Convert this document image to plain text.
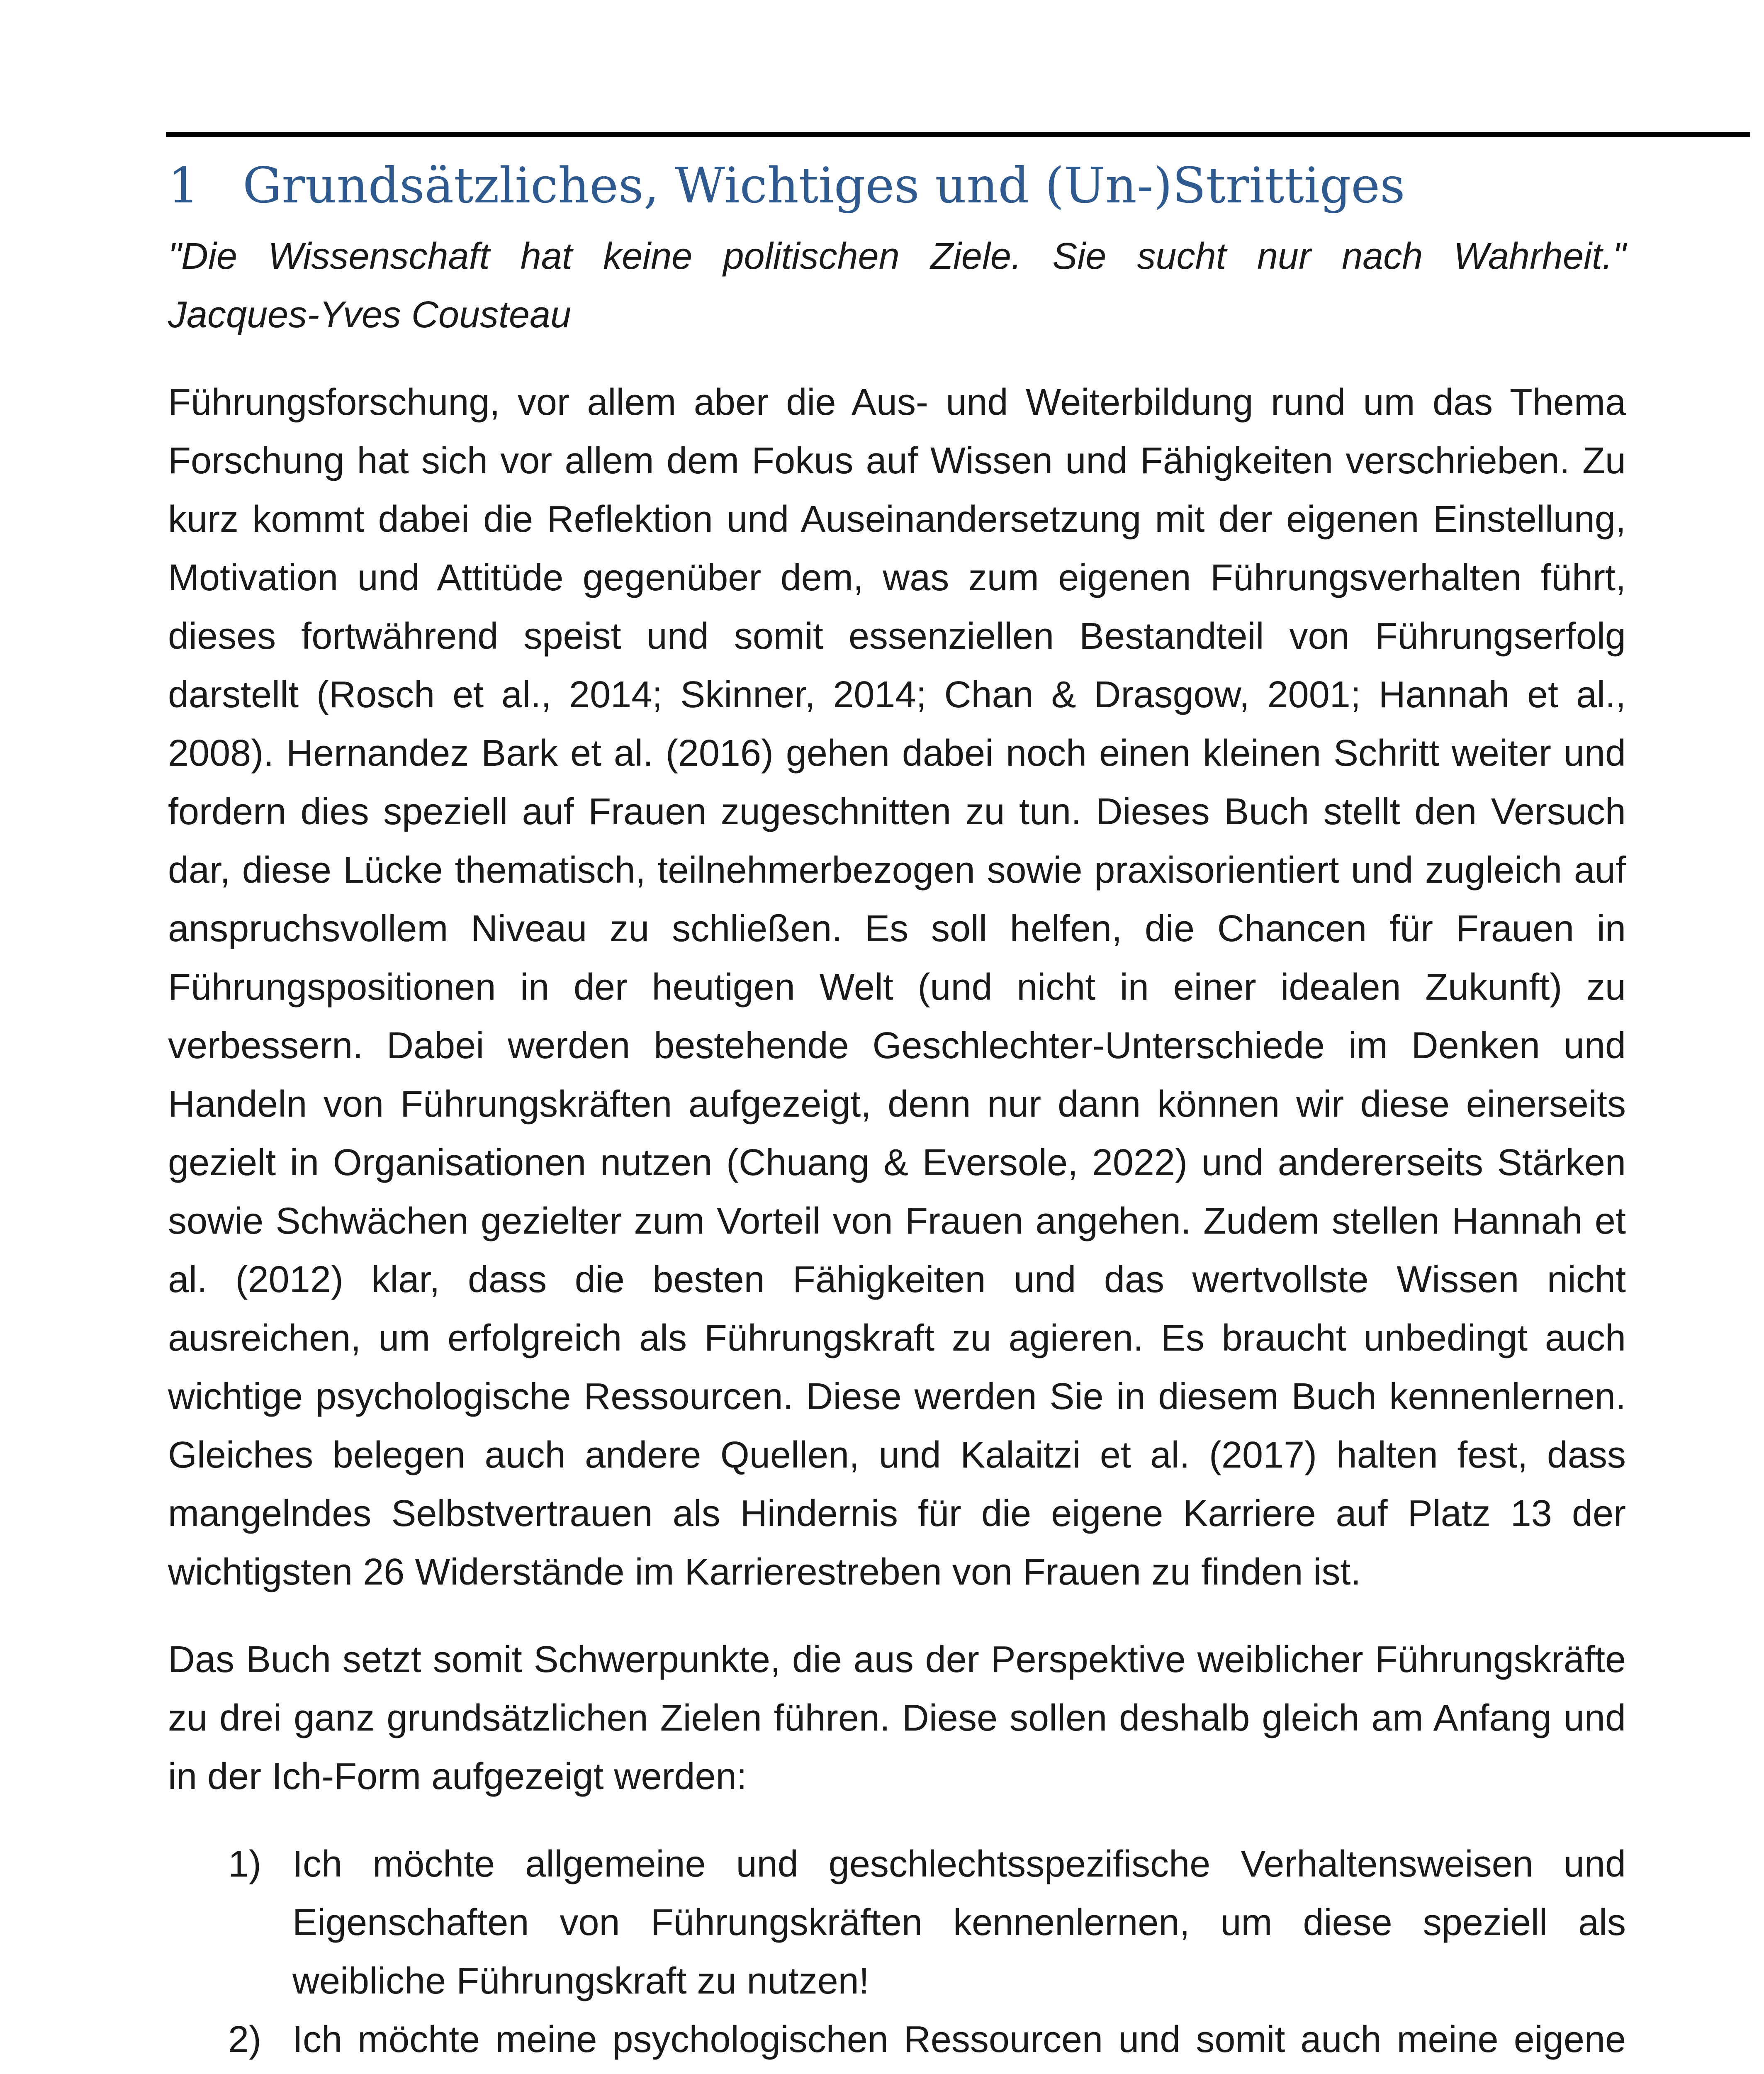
1 Grundsätzliches, Wichtiges und (Un-)Strittiges

"Die Wissenschaft hat keine politischen Ziele. Sie sucht nur nach Wahrheit."

Jacques-Yves Cousteau

Führungsforschung, vor allem aber die Aus- und Weiterbildung rund um das Thema Forschung hat sich vor allem dem Fokus auf Wissen und Fähigkeiten verschrieben. Zu kurz kommt dabei die Reflektion und Auseinandersetzung mit der eigenen Einstellung, Motivation und Attitüde gegenüber dem, was zum eigenen Führungsverhalten führt, dieses fortwährend speist und somit essenziellen Bestandteil von Führungserfolg darstellt (Rosch et al., 2014; Skinner, 2014; Chan & Drasgow, 2001; Hannah et al., 2008). Hernandez Bark et al. (2016) gehen dabei noch einen kleinen Schritt weiter und fordern dies speziell auf Frauen zugeschnitten zu tun. Dieses Buch stellt den Versuch dar, diese Lücke thematisch, teilnehmerbezogen sowie praxisorientiert und zugleich auf anspruchsvollem Niveau zu schließen. Es soll helfen, die Chancen für Frauen in Führungspositionen in der heutigen Welt (und nicht in einer idealen Zukunft) zu verbessern. Dabei werden bestehende Geschlechter-Unterschiede im Denken und Handeln von Führungskräften aufgezeigt, denn nur dann können wir diese einerseits gezielt in Organisationen nutzen (Chuang & Eversole, 2022) und andererseits Stärken sowie Schwächen gezielter zum Vorteil von Frauen angehen. Zudem stellen Hannah et al. (2012) klar, dass die besten Fähigkeiten und das wertvollste Wissen nicht ausreichen, um erfolgreich als Führungskraft zu agieren. Es braucht unbedingt auch wichtige psychologische Ressourcen. Diese werden Sie in diesem Buch kennenlernen. Gleiches belegen auch andere Quellen, und Kalaitzi et al. (2017) halten fest, dass mangelndes Selbstvertrauen als Hindernis für die eigene Karriere auf Platz 13 der wichtigsten 26 Widerstände im Karrierestreben von Frauen zu finden ist.

Das Buch setzt somit Schwerpunkte, die aus der Perspektive weiblicher Führungskräfte zu drei ganz grundsätzlichen Zielen führen. Diese sollen deshalb gleich am Anfang und in der Ich-Form aufgezeigt werden:

1) Ich möchte allgemeine und geschlechtsspezifische Verhaltensweisen und Eigenschaften von Führungskräften kennenlernen, um diese speziell als weibliche Führungskraft zu nutzen!
2) Ich möchte meine psychologischen Ressourcen und somit auch meine eigene
